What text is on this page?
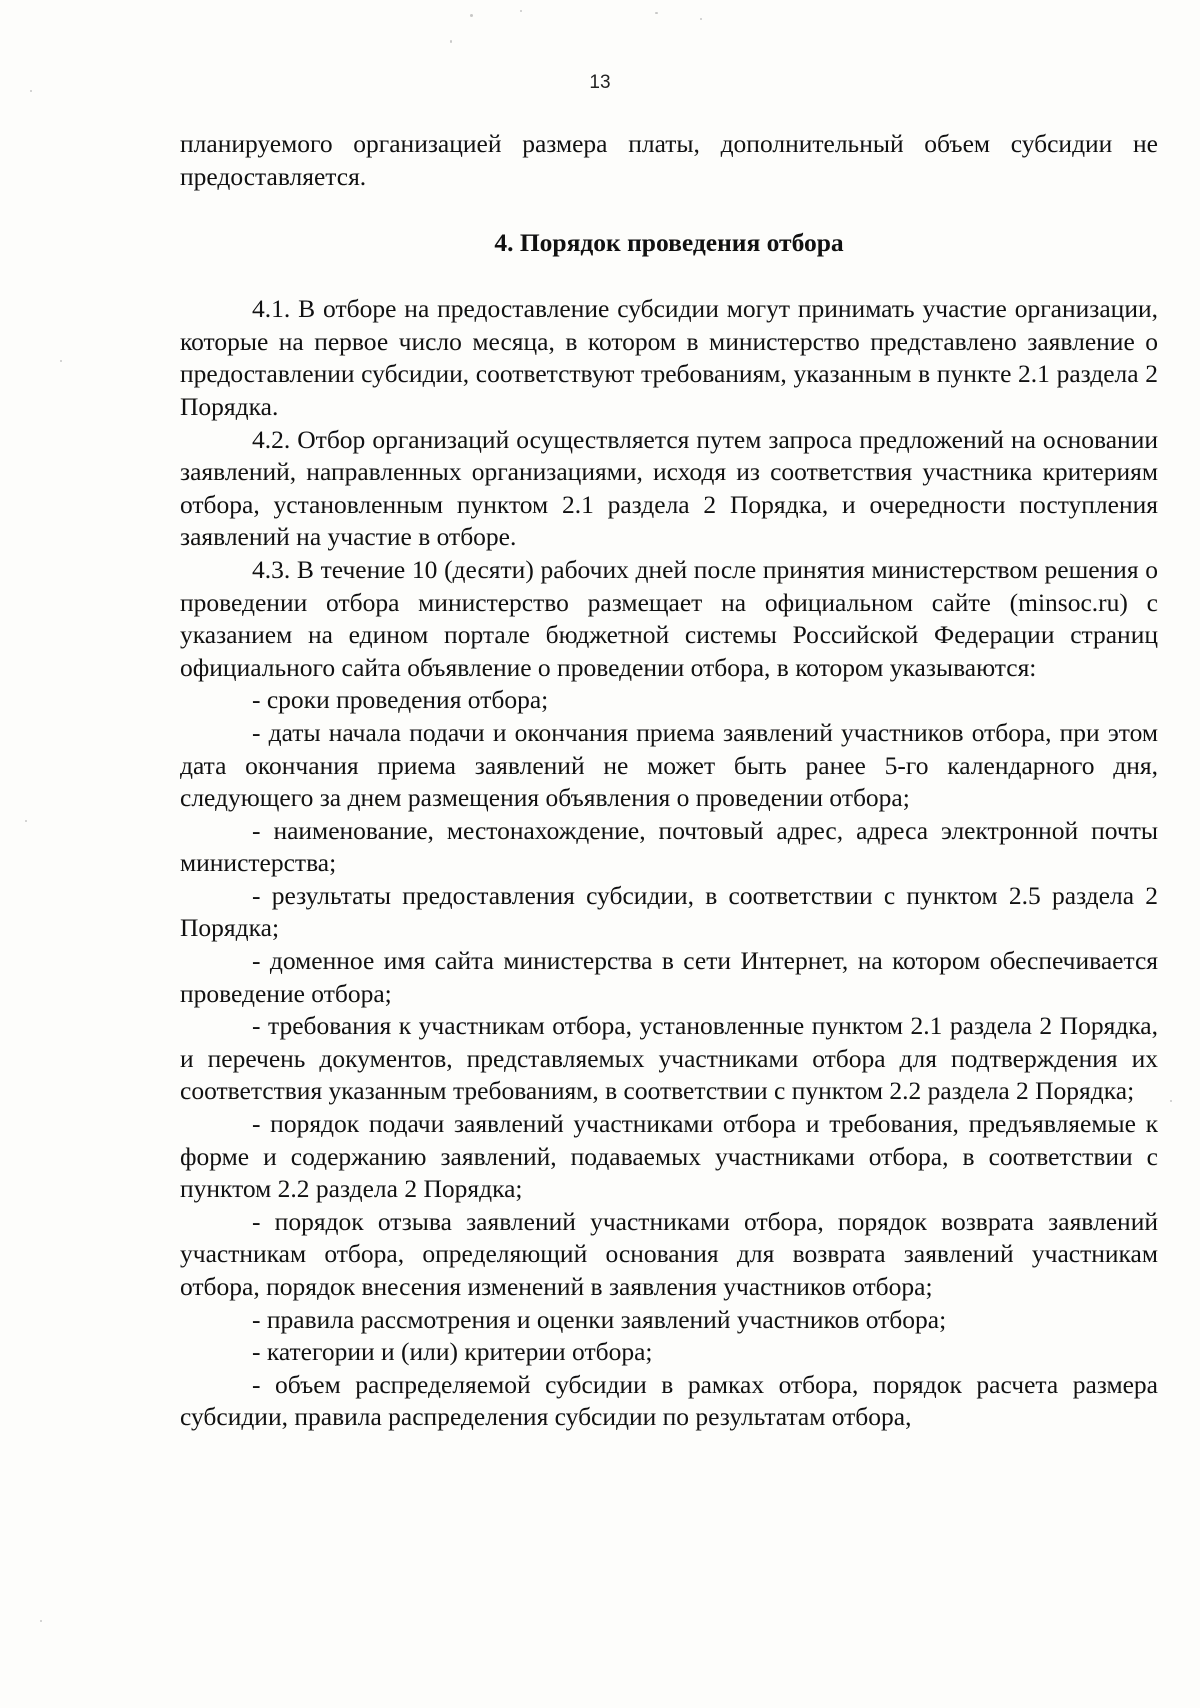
13

планируемого организацией размера платы, дополнительный объем субсидии не предоставляется.

4. Порядок проведения отбора

4.1. В отборе на предоставление субсидии могут принимать участие организации, которые на первое число месяца, в котором в министерство представлено заявление о предоставлении субсидии, соответствуют требованиям, указанным в пункте 2.1 раздела 2 Порядка.

4.2. Отбор организаций осуществляется путем запроса предложений на основании заявлений, направленных организациями, исходя из соответствия участника критериям отбора, установленным пунктом 2.1 раздела 2 Порядка, и очередности поступления заявлений на участие в отборе.

4.3. В течение 10 (десяти) рабочих дней после принятия министерством решения о проведении отбора министерство размещает на официальном сайте (minsoc.ru) с указанием на едином портале бюджетной системы Российской Федерации страниц официального сайта объявление о проведении отбора, в котором указываются:

- сроки проведения отбора;

- даты начала подачи и окончания приема заявлений участников отбора, при этом дата окончания приема заявлений не может быть ранее 5-го календарного дня, следующего за днем размещения объявления о проведении отбора;

- наименование, местонахождение, почтовый адрес, адреса электронной почты министерства;

- результаты предоставления субсидии, в соответствии с пунктом 2.5 раздела 2 Порядка;

- доменное имя сайта министерства в сети Интернет, на котором обеспечивается проведение отбора;

- требования к участникам отбора, установленные пунктом 2.1 раздела 2 Порядка, и перечень документов, представляемых участниками отбора для подтверждения их соответствия указанным требованиям, в соответствии с пунктом 2.2 раздела 2 Порядка;

- порядок подачи заявлений участниками отбора и требования, предъявляемые к форме и содержанию заявлений, подаваемых участниками отбора, в соответствии с пунктом 2.2 раздела 2 Порядка;

- порядок отзыва заявлений участниками отбора, порядок возврата заявлений участникам отбора, определяющий основания для возврата заявлений участникам отбора, порядок внесения изменений в заявления участников отбора;

- правила рассмотрения и оценки заявлений участников отбора;

- категории и (или) критерии отбора;

- объем распределяемой субсидии в рамках отбора, порядок расчета размера субсидии, правила распределения субсидии по результатам отбора,
